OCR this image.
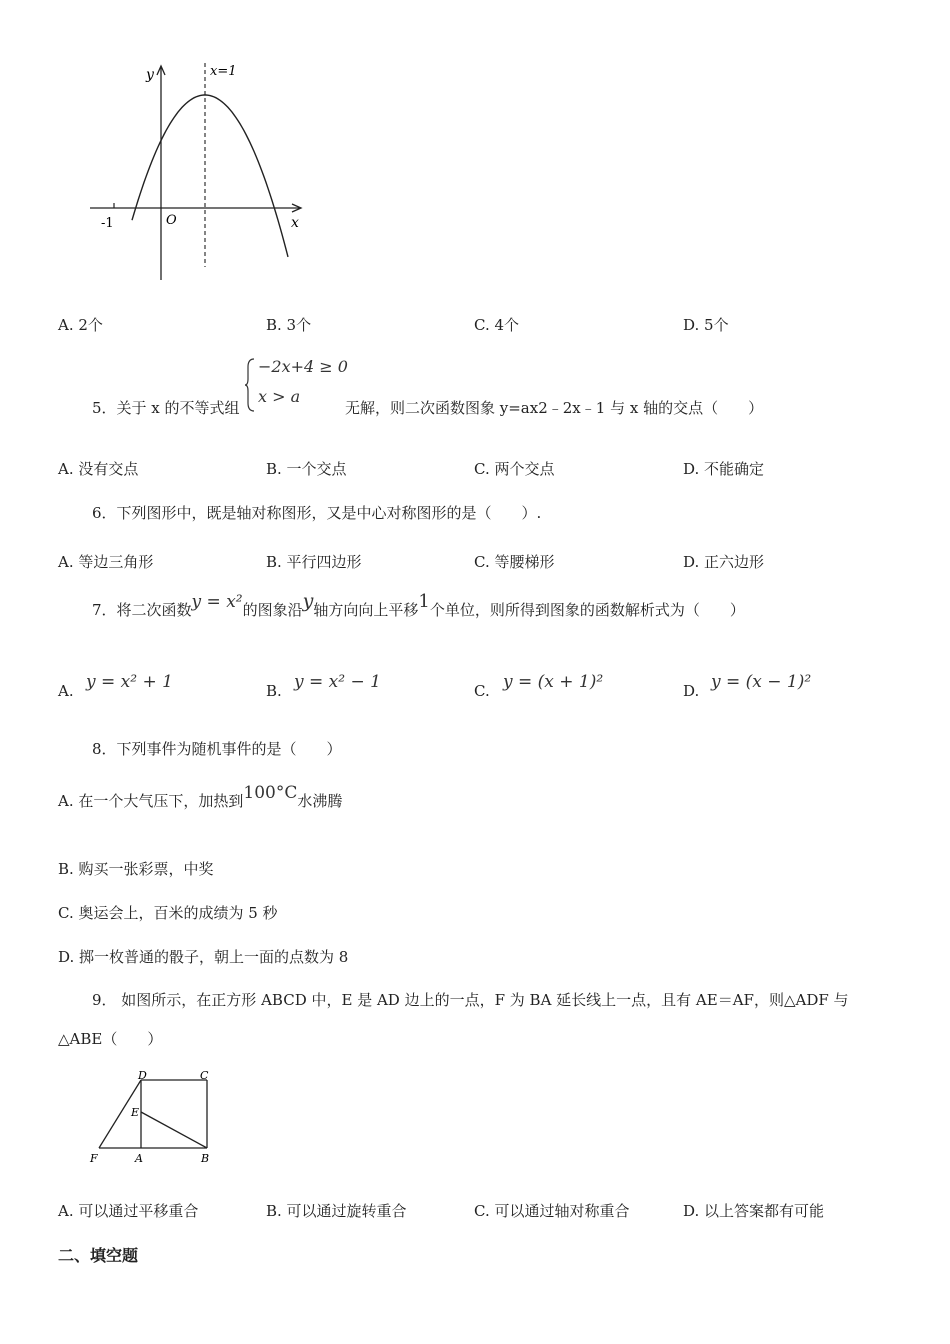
y	x=1
O
-1	x
A. 2个	B. 3个	C. 4个	D. 5个
5．关于 x 的不等式组
−2x+4 ≥ 0
x > a
无解，则二次函数图象 y=ax2﹣2x﹣1 与 x 轴的交点（　　）
A. 没有交点	B. 一个交点	C. 两个交点	D. 不能确定
6．下列图形中，既是轴对称图形，又是中心对称图形的是（　　）.
A. 等边三角形	B. 平行四边形	C. 等腰梯形	D. 正六边形
7．将二次函数y = x²的图象沿y轴方向向上平移1个单位，则所得到图象的函数解析式为（　　）
A. y = x² + 1	B. y = x² − 1	C. y = (x + 1)²	D. y = (x − 1)²
8．下列事件为随机事件的是（　　）
A. 在一个大气压下，加热到100°C水沸腾
B. 购买一张彩票，中奖
C. 奥运会上，百米的成绩为 5 秒
D. 掷一枚普通的骰子，朝上一面的点数为 8
9． 如图所示，在正方形 ABCD 中，E 是 AD 边上的一点，F 为 BA 延长线上一点，且有 AE＝AF，则△ADF 与
△ABE（　　）
D	C
E
F	A	B
A. 可以通过平移重合	B. 可以通过旋转重合	C. 可以通过轴对称重合	D. 以上答案都有可能
二、填空题
